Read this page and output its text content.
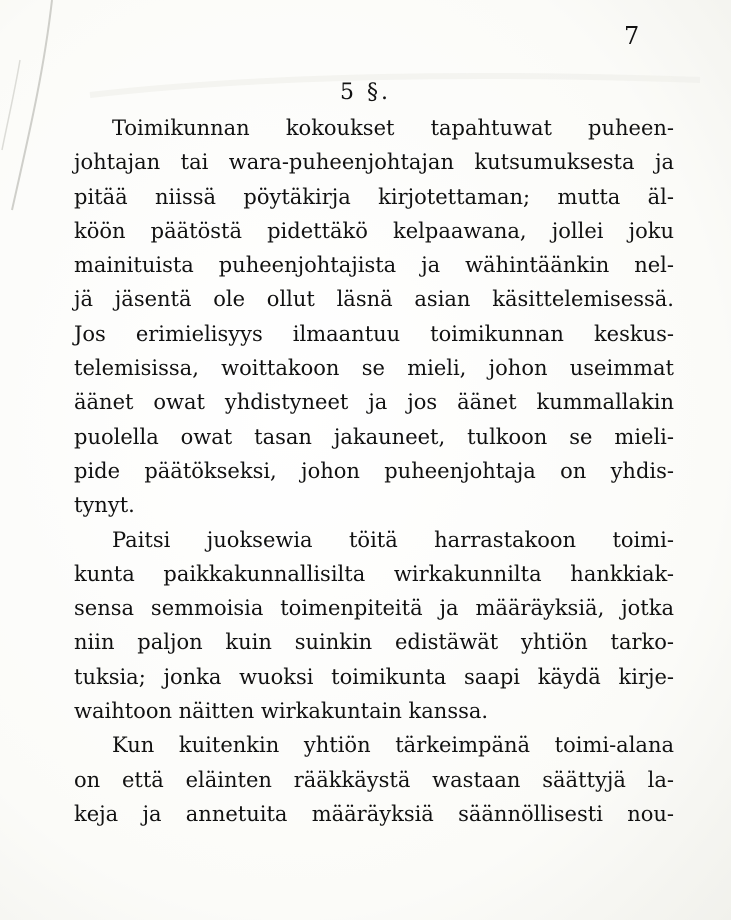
7
5 §.
Toimikunnan kokoukset tapahtuwat puheen-
johtajan tai wara-puheenjohtajan kutsumuksesta ja
pitää niissä pöytäkirja kirjotettaman; mutta äl-
köön päätöstä pidettäkö kelpaawana, jollei joku
mainituista puheenjohtajista ja wähintäänkin nel-
jä jäsentä ole ollut läsnä asian käsittelemisessä.
Jos erimielisyys ilmaantuu toimikunnan keskus-
telemisissa, woittakoon se mieli, johon useimmat
äänet owat yhdistyneet ja jos äänet kummallakin
puolella owat tasan jakauneet, tulkoon se mieli-
pide päätökseksi, johon puheenjohtaja on yhdis-
tynyt.
Paitsi juoksewia töitä harrastakoon toimi-
kunta paikkakunnallisilta wirkakunnilta hankkiak-
sensa semmoisia toimenpiteitä ja määräyksiä, jotka
niin paljon kuin suinkin edistäwät yhtiön tarko-
tuksia; jonka wuoksi toimikunta saapi käydä kirje-
waihtoon näitten wirkakuntain kanssa.
Kun kuitenkin yhtiön tärkeimpänä toimi-alana
on että eläinten rääkkäystä wastaan säättyjä la-
keja ja annetuita määräyksiä säännöllisesti nou-
